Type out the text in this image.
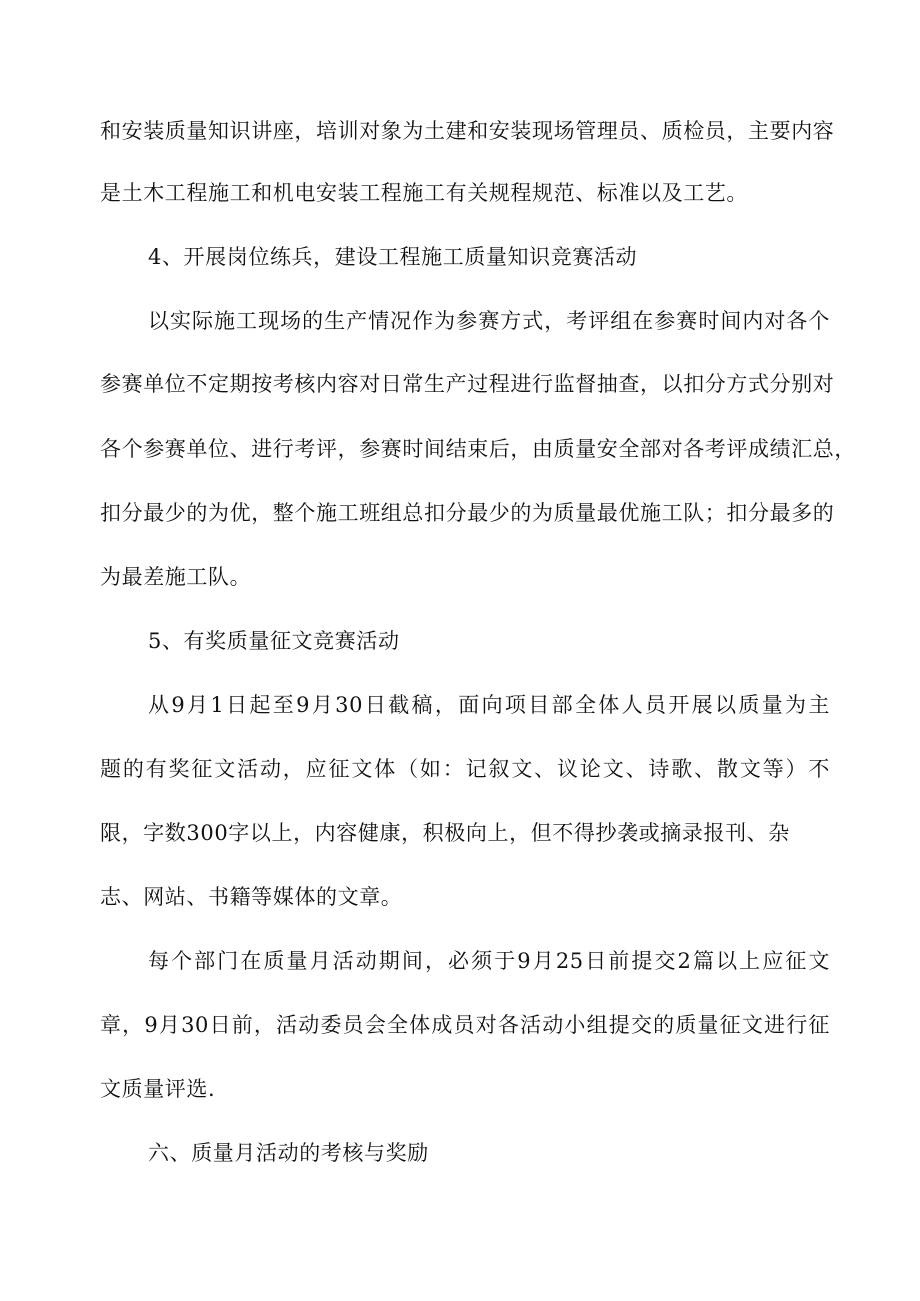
和安装质量知识讲座，培训对象为土建和安装现场管理员、质检员，主要内容
是土木工程施工和机电安装工程施工有关规程规范、标准以及工艺。
4、开展岗位练兵，建设工程施工质量知识竞赛活动
以实际施工现场的生产情况作为参赛方式，考评组在参赛时间内对各个
参赛单位不定期按考核内容对日常生产过程进行监督抽查，以扣分方式分别对
各个参赛单位、进行考评，参赛时间结束后，由质量安全部对各考评成绩汇总，
扣分最少的为优，整个施工班组总扣分最少的为质量最优施工队；扣分最多的
为最差施工队。
5、有奖质量征文竞赛活动
从9月1日起至9月30日截稿，面向项目部全体人员开展以质量为主
题的有奖征文活动，应征文体（如：记叙文、议论文、诗歌、散文等）不
限，字数300字以上，内容健康，积极向上，但不得抄袭或摘录报刊、杂
志、网站、书籍等媒体的文章。
每个部门在质量月活动期间，必须于9月25日前提交2篇以上应征文
章，9月30日前，活动委员会全体成员对各活动小组提交的质量征文进行征
文质量评选.
六、质量月活动的考核与奖励
